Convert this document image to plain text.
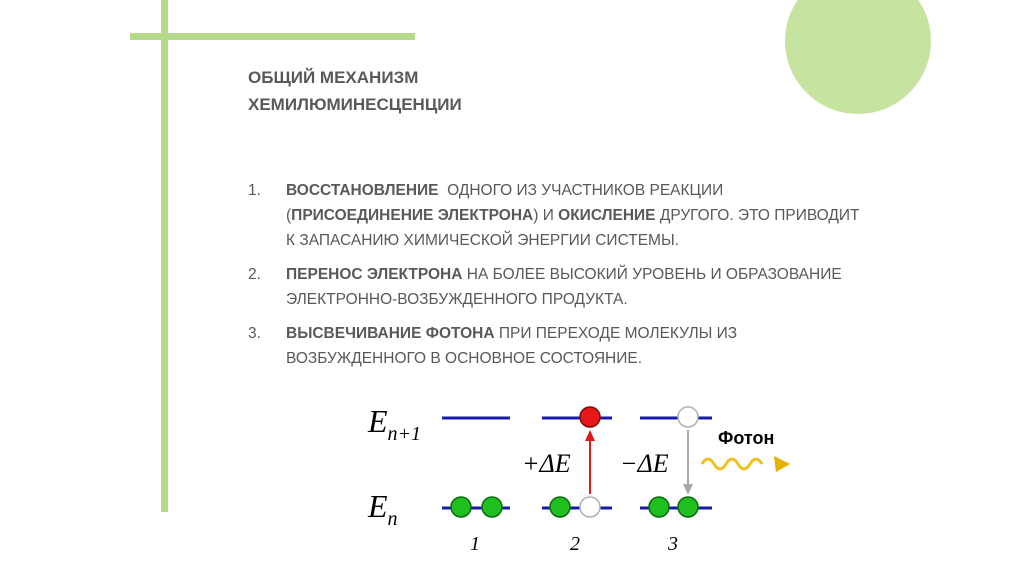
ОБЩИЙ МЕХАНИЗМ
ХЕМИЛЮМИНЕСЦЕНЦИИ
1.	ВОССТАНОВЛЕНИЕ  ОДНОГО ИЗ УЧАСТНИКОВ РЕАКЦИИ (ПРИСОЕДИНЕНИЕ ЭЛЕКТРОНА) И ОКИСЛЕНИЕ ДРУГОГО. ЭТО ПРИВОДИТ К ЗАПАСАНИЮ ХИМИЧЕСКОЙ ЭНЕРГИИ СИСТЕМЫ.
2.	ПЕРЕНОС ЭЛЕКТРОНА НА БОЛЕЕ ВЫСОКИЙ УРОВЕНЬ И ОБРАЗОВАНИЕ  ЭЛЕКТРОННО-ВОЗБУЖДЕННОГО ПРОДУКТА.
3.	ВЫСВЕЧИВАНИЕ ФОТОНА ПРИ ПЕРЕХОДЕ МОЛЕКУЛЫ ИЗ ВОЗБУЖДЕННОГО В ОСНОВНОЕ СОСТОЯНИЕ.
$E_{n+1}$
$E_n$
+ΔE −ΔE
Фотон
1	2	3
